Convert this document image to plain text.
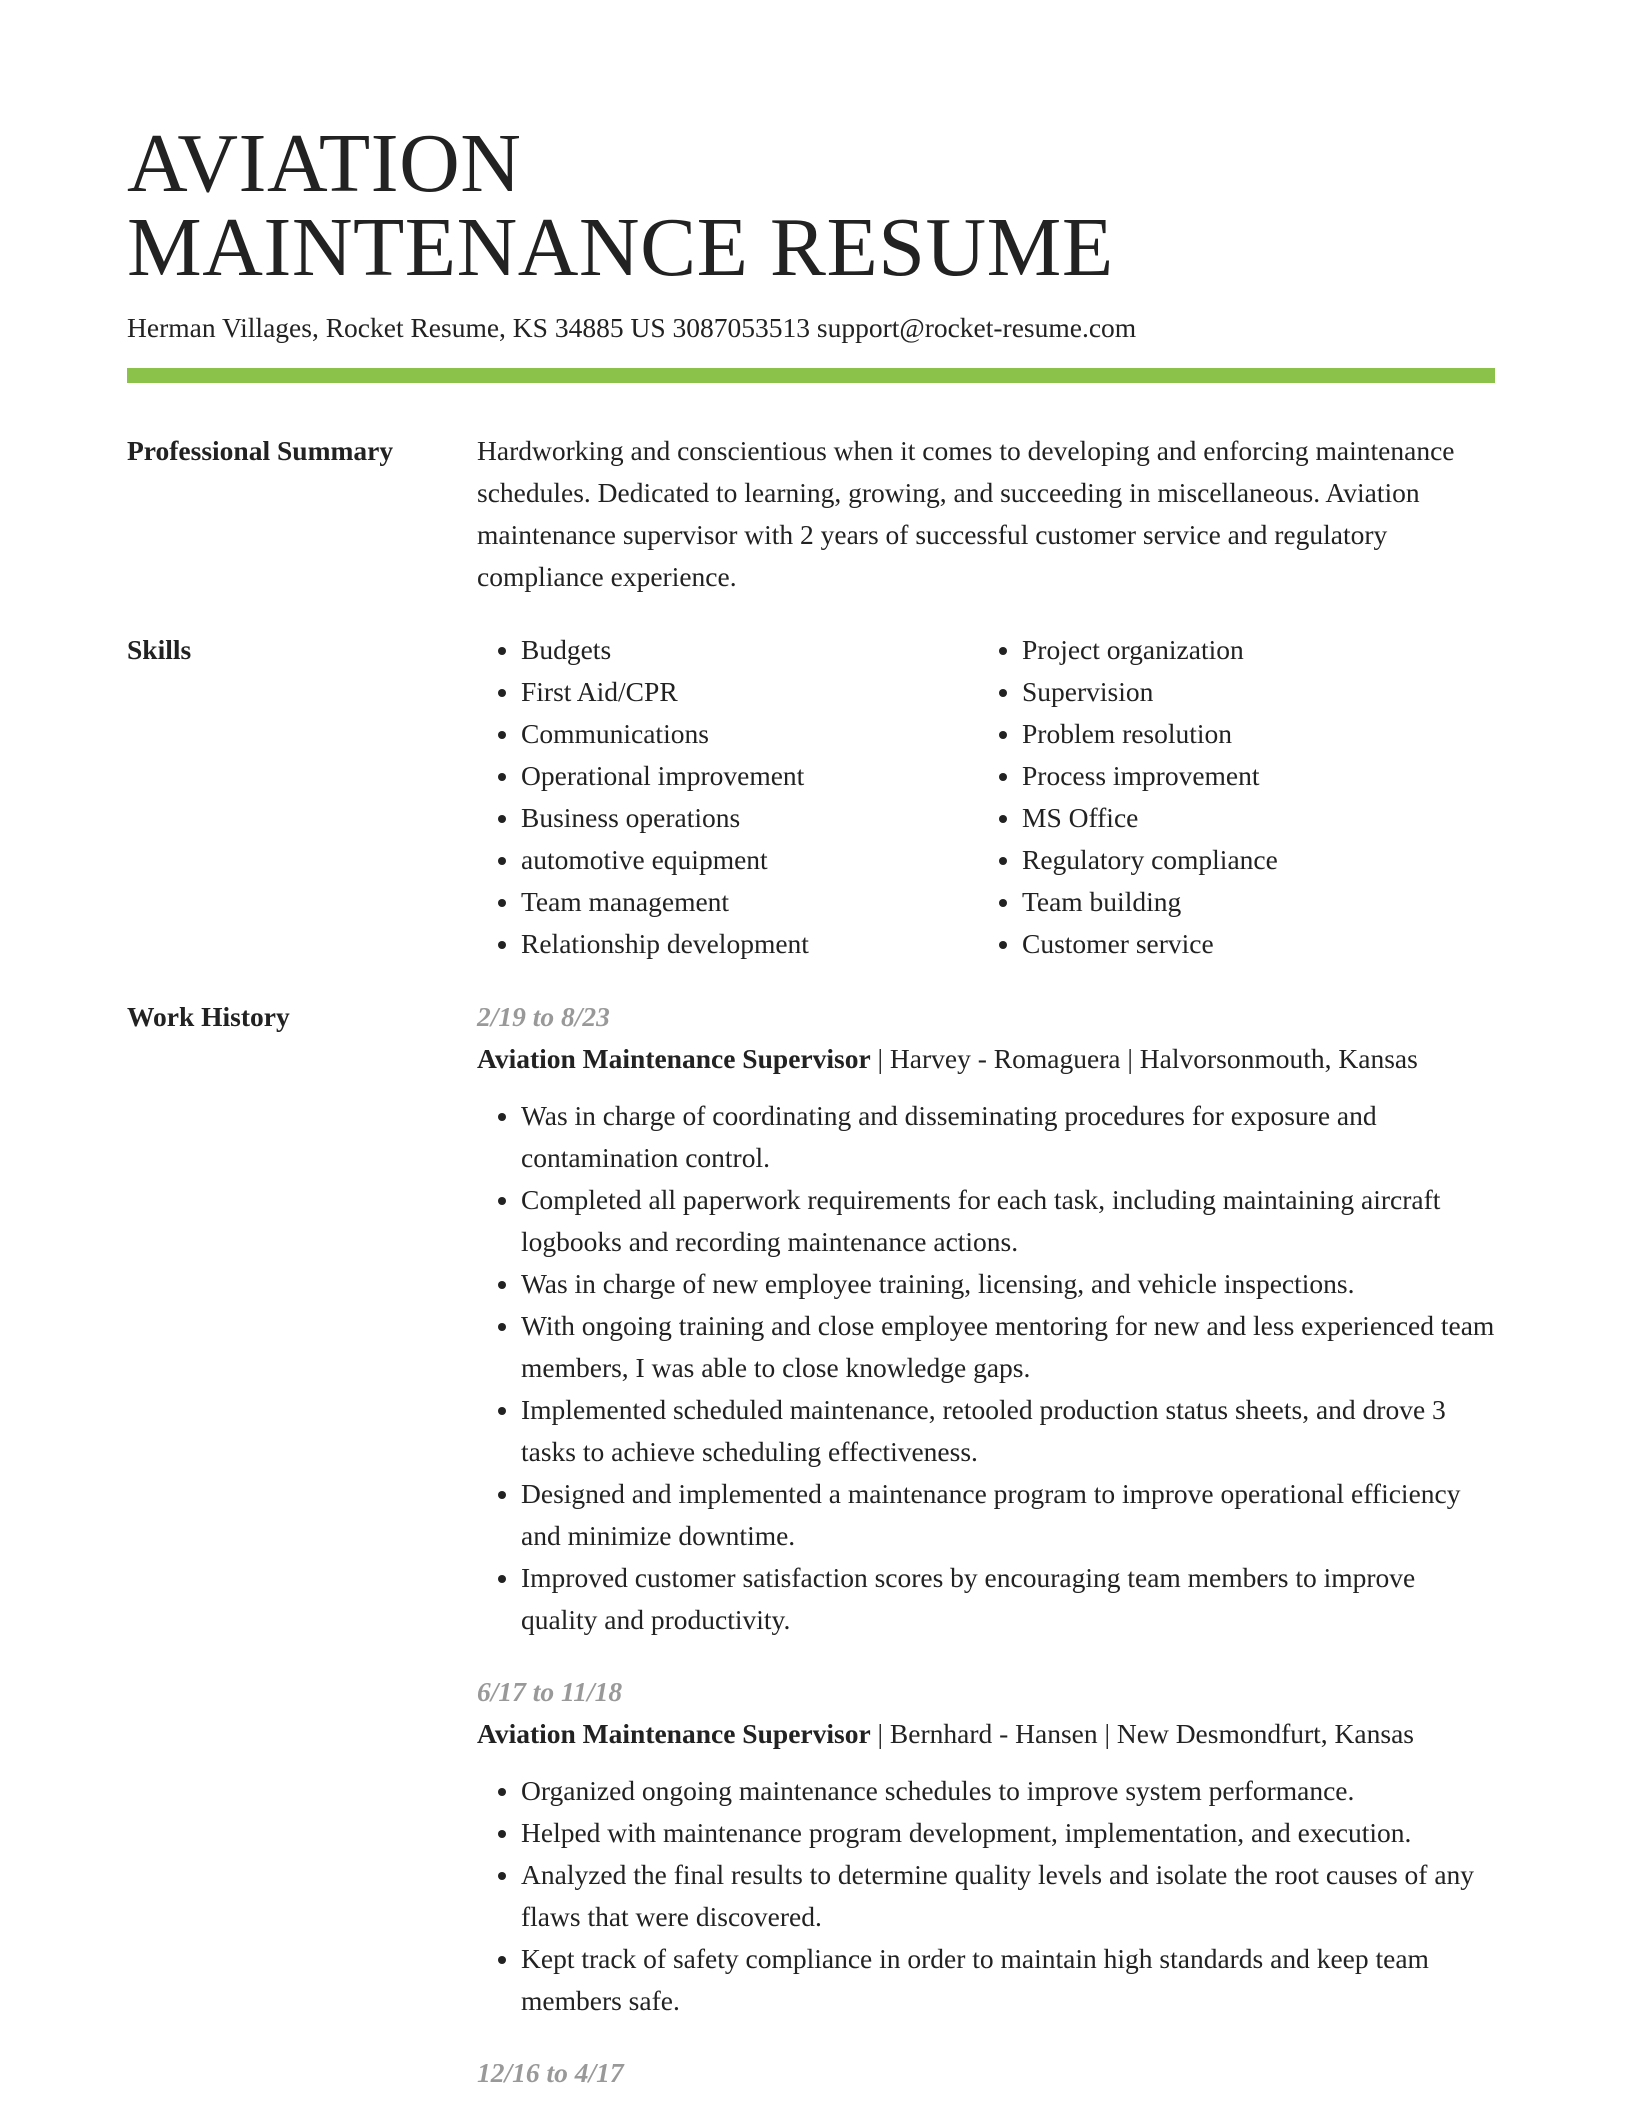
AVIATION
MAINTENANCE RESUME
Herman Villages, Rocket Resume, KS 34885 US 3087053513 support@rocket-resume.com
Professional Summary	Hardworking and conscientious when it comes to developing and enforcing maintenance schedules. Dedicated to learning, growing, and succeeding in miscellaneous. Aviation maintenance supervisor with 2 years of successful customer service and regulatory compliance experience.

Skills
•	Budgets
• First Aid/CPR
• Communications
• Operational improvement
• Business operations
• automotive equipment
• Team management
• Relationship development
• Project organization
• Supervision
• Problem resolution
• Process improvement
• MS Office
• Regulatory compliance
• Team building
• Customer service
Work History	2/19 to 8/23
Aviation Maintenance Supervisor | Harvey - Romaguera | Halvorsonmouth, Kansas
• Was in charge of coordinating and disseminating procedures for exposure and contamination control.
• Completed all paperwork requirements for each task, including maintaining aircraft logbooks and recording maintenance actions.
• Was in charge of new employee training, licensing, and vehicle inspections.
• With ongoing training and close employee mentoring for new and less experienced team members, I was able to close knowledge gaps.
• Implemented scheduled maintenance, retooled production status sheets, and drove 3 tasks to achieve scheduling effectiveness.
• Designed and implemented a maintenance program to improve operational efficiency and minimize downtime.
• Improved customer satisfaction scores by encouraging team members to improve quality and productivity.
6/17 to 11/18
Aviation Maintenance Supervisor | Bernhard - Hansen | New Desmondfurt, Kansas
• Organized ongoing maintenance schedules to improve system performance.
• Helped with maintenance program development, implementation, and execution.
• Analyzed the final results to determine quality levels and isolate the root causes of any flaws that were discovered.
• Kept track of safety compliance in order to maintain high standards and keep team members safe.
12/16 to 4/17
